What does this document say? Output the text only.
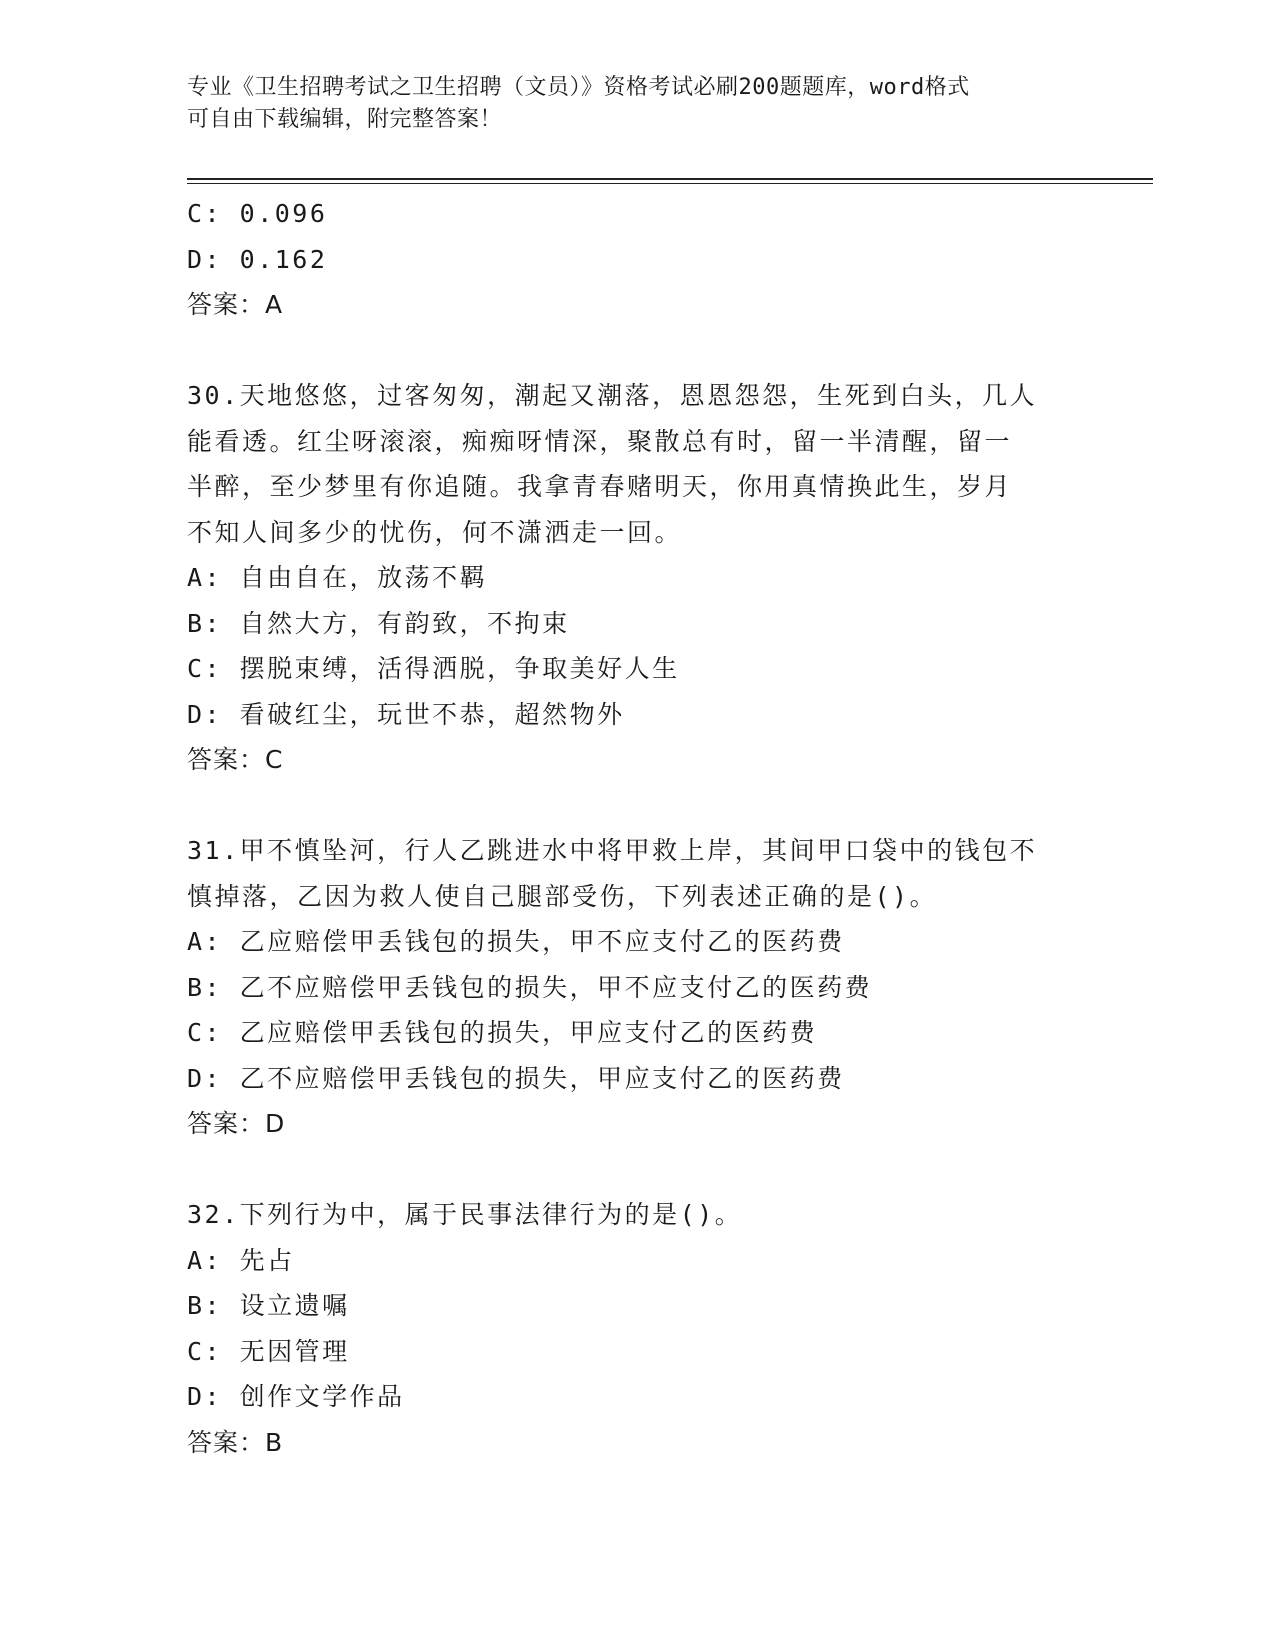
专业《卫生招聘考试之卫生招聘（文员）》资格考试必刷200题题库，word格式
可自由下载编辑，附完整答案！

C: 0.096

D: 0.162

答案：A

30.天地悠悠，过客匆匆，潮起又潮落，恩恩怨怨，生死到白头，几人

能看透。红尘呀滚滚，痴痴呀情深，聚散总有时，留一半清醒，留一

半醉，至少梦里有你追随。我拿青春赌明天，你用真情换此生，岁月

不知人间多少的忧伤，何不潇洒走一回。

A: 自由自在，放荡不羁

B: 自然大方，有韵致，不拘束

C: 摆脱束缚，活得洒脱，争取美好人生

D: 看破红尘，玩世不恭，超然物外

答案：C

31.甲不慎坠河，行人乙跳进水中将甲救上岸，其间甲口袋中的钱包不

慎掉落，乙因为救人使自己腿部受伤，下列表述正确的是()。

A: 乙应赔偿甲丢钱包的损失，甲不应支付乙的医药费

B: 乙不应赔偿甲丢钱包的损失，甲不应支付乙的医药费

C: 乙应赔偿甲丢钱包的损失，甲应支付乙的医药费

D: 乙不应赔偿甲丢钱包的损失，甲应支付乙的医药费

答案：D

32.下列行为中，属于民事法律行为的是()。

A: 先占

B: 设立遗嘱

C: 无因管理

D: 创作文学作品

答案：B
